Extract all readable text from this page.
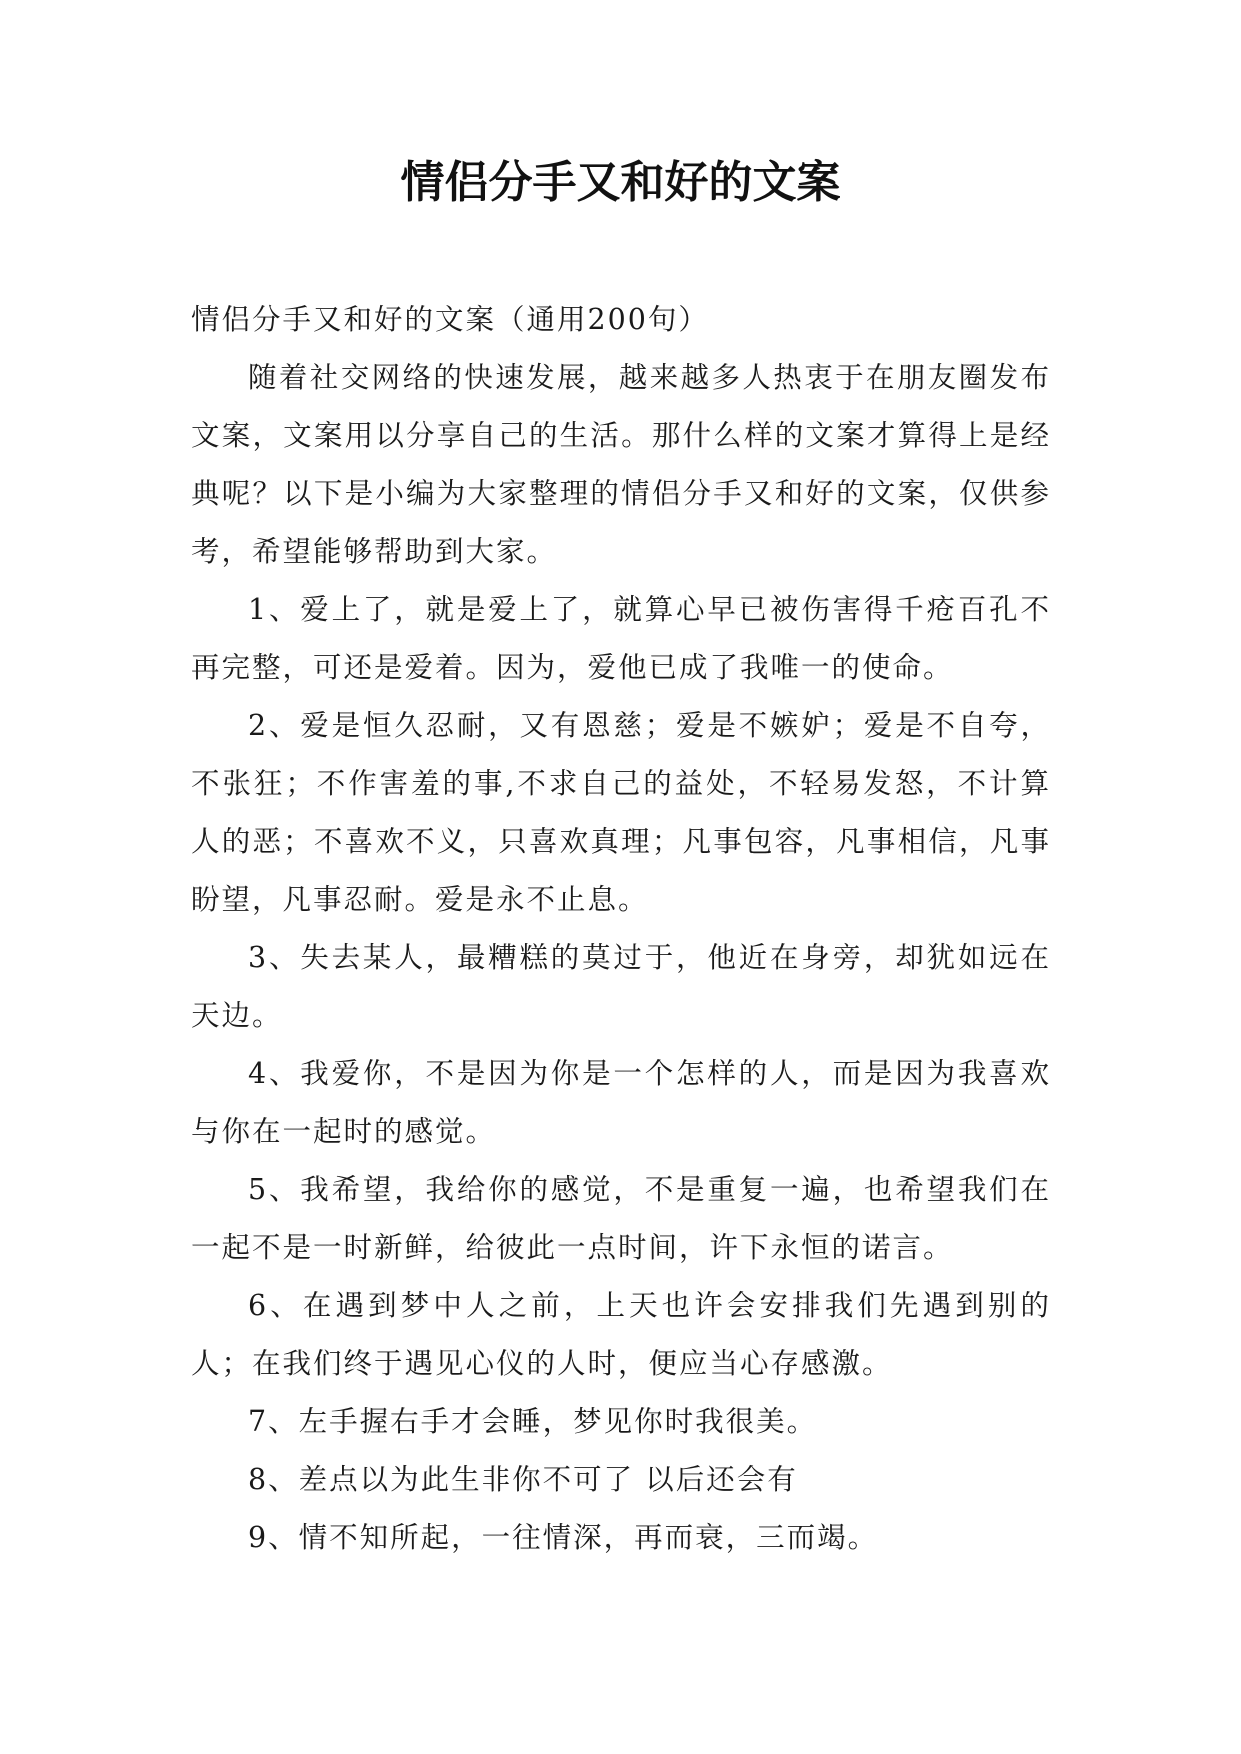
情侣分手又和好的文案

情侣分手又和好的文案（通用200句）

随着社交网络的快速发展，越来越多人热衷于在朋友圈发布文案，文案用以分享自己的生活。那什么样的文案才算得上是经典呢？以下是小编为大家整理的情侣分手又和好的文案，仅供参考，希望能够帮助到大家。

1、爱上了，就是爱上了，就算心早已被伤害得千疮百孔不再完整，可还是爱着。因为，爱他已成了我唯一的使命。

2、爱是恒久忍耐，又有恩慈；爱是不嫉妒；爱是不自夸，不张狂；不作害羞的事,不求自己的益处，不轻易发怒，不计算人的恶；不喜欢不义，只喜欢真理；凡事包容，凡事相信，凡事盼望，凡事忍耐。爱是永不止息。

3、失去某人，最糟糕的莫过于，他近在身旁，却犹如远在天边。

4、我爱你，不是因为你是一个怎样的人，而是因为我喜欢与你在一起时的感觉。

5、我希望，我给你的感觉，不是重复一遍，也希望我们在一起不是一时新鲜，给彼此一点时间，许下永恒的诺言。

6、在遇到梦中人之前，上天也许会安排我们先遇到别的人；在我们终于遇见心仪的人时，便应当心存感激。

7、左手握右手才会睡，梦见你时我很美。

8、差点以为此生非你不可了 以后还会有

9、情不知所起，一往情深，再而衰，三而竭。
